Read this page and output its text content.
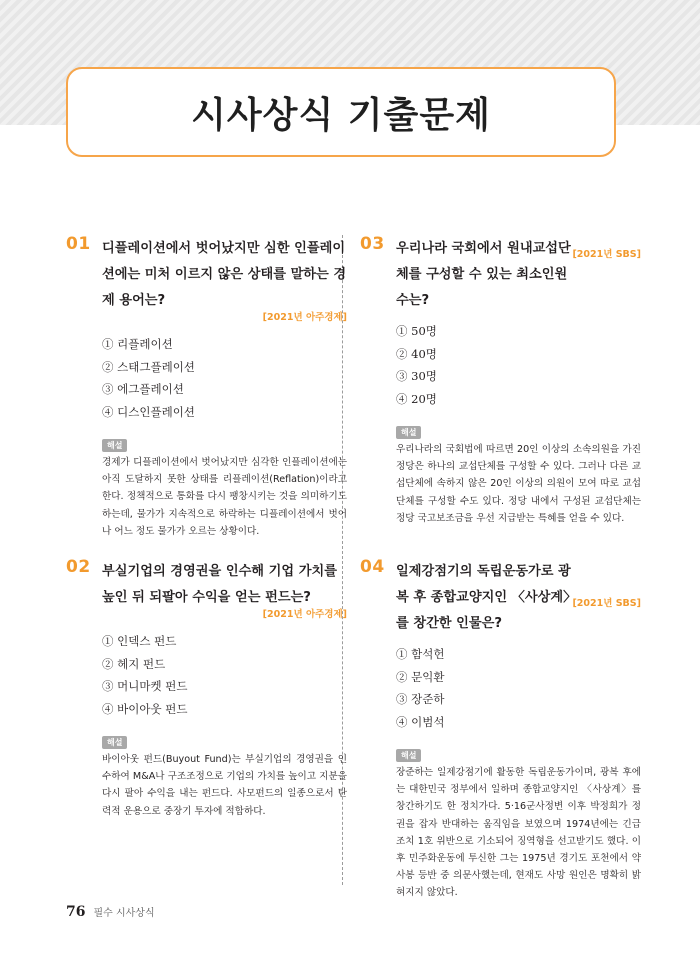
시사상식 기출문제
01 디플레이션에서 벗어났지만 심한 인플레이션에는 미처 이르지 않은 상태를 말하는 경제 용어는?

[2021년 아주경제]
① 리플레이션
② 스태그플레이션
③ 에그플레이션
④ 디스인플레이션
해설

경제가 디플레이션에서 벗어났지만 심각한 인플레이션에는 아직 도달하지 못한 상태를 리플레이션(Reflation)이라고 한다. 정책적으로 통화를 다시 팽창시키는 것을 의미하기도 하는데, 물가가 지속적으로 하락하는 디플레이션에서 벗어나 어느 정도 물가가 오르는 상황이다.

02 부실기업의 경영권을 인수해 기업 가치를 높인 뒤 되팔아 수익을 얻는 펀드는?

[2021년 아주경제]
① 인덱스 펀드
② 헤지 펀드
③ 머니마켓 펀드
④ 바이아웃 펀드
해설

바이아웃 펀드(Buyout Fund)는 부실기업의 경영권을 인수하여 M&A나 구조조정으로 기업의 가치를 높이고 지분을 다시 팔아 수익을 내는 펀드다. 사모펀드의 일종으로서 탄력적 운용으로 중장기 투자에 적합하다.

03

[2021년 SBS]
우리나라 국회에서 원내교섭단체를 구성할 수 있는 최소인원수는?

① 50명
② 40명
③ 30명
④ 20명
해설

우리나라의 국회법에 따르면 20인 이상의 소속의원을 가진 정당은 하나의 교섭단체를 구성할 수 있다. 그러나 다른 교섭단체에 속하지 않은 20인 이상의 의원이 모여 따로 교섭단체를 구성할 수도 있다. 정당 내에서 구성된 교섭단체는 정당 국고보조금을 우선 지급받는 특혜를 얻을 수 있다.

04

[2021년 SBS]
일제강점기의 독립운동가로 광복 후 종합교양지인 〈사상계〉를 창간한 인물은?

① 함석헌
② 문익환
③ 장준하
④ 이범석
해설

장준하는 일제강점기에 활동한 독립운동가이며, 광복 후에는 대한민국 정부에서 일하며 종합교양지인 〈사상계〉를 창간하기도 한 정치가다. 5·16군사정변 이후 박정희가 정권을 잡자 반대하는 움직임을 보였으며 1974년에는 긴급조치 1호 위반으로 기소되어 징역형을 선고받기도 했다. 이후 민주화운동에 투신한 그는 1975년 경기도 포천에서 약사봉 등반 중 의문사했는데, 현재도 사망 원인은 명확히 밝혀지지 않았다.

76 필수 시사상식
